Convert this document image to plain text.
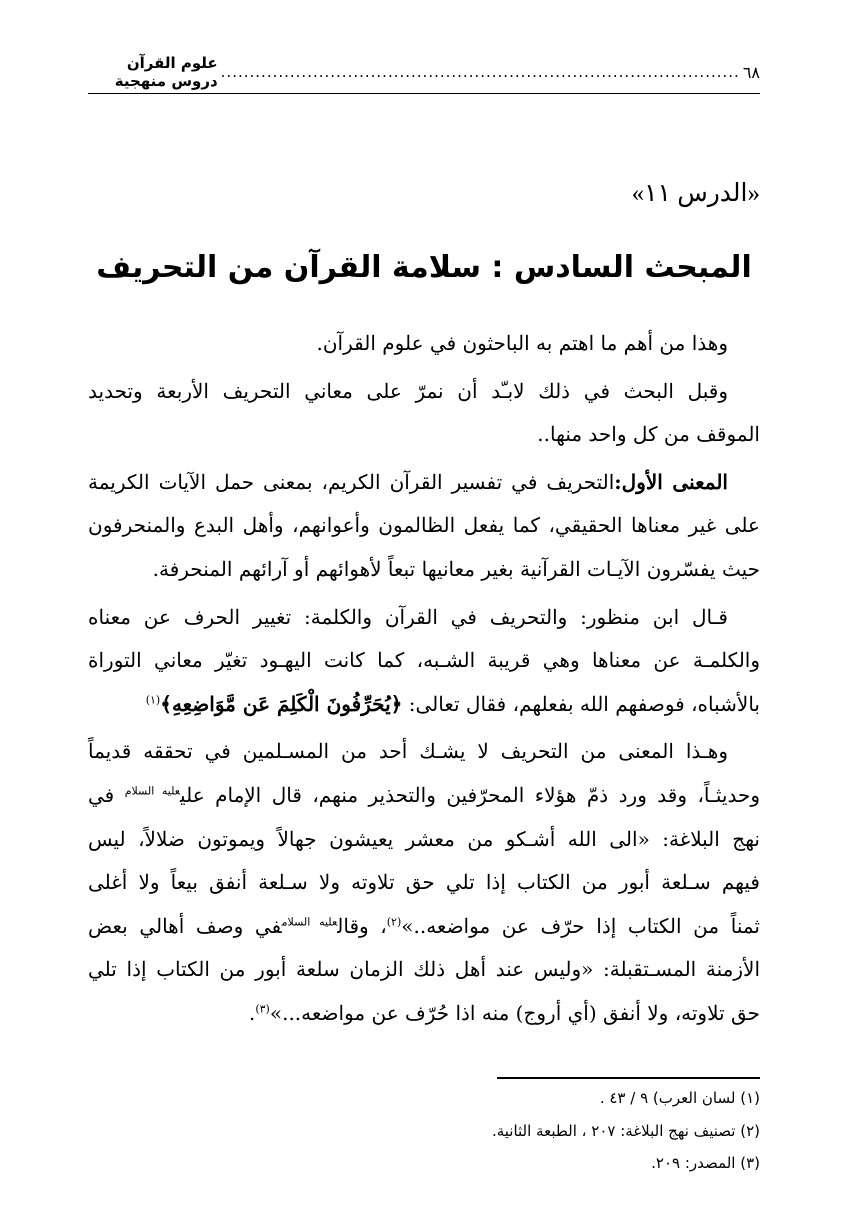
٦٨
..........................................................................................
علوم القرآن دروس منهجية
«الدرس ١١»
المبحث السادس : سلامة القرآن من التحريف
وهذا من أهم ما اهتم به الباحثون في علوم القرآن.
وقبل البحث في ذلك لابـّد أن نمرّ على معاني التحريف الأربعة وتحديد
الموقف من كل واحد منها..
المعنى الأول:التحريف في تفسير القرآن الكريم، بمعنى حمل الآيات الكريمة
على غير معناها الحقيقي، كما يفعل الظالمون وأعوانهم، وأهل البدع والمنحرفون
حيث يفسّرون الآيـات القرآنية بغير معانيها تبعاً لأهوائهم أو آرائهم المنحرفة.
قـال ابن منظور: والتحريف في القرآن والكلمة: تغيير الحرف عن معناه
والكلمـة عن معناها وهي قريبة الشـبه، كما كانت اليهـود تغيّر معاني التوراة
بالأشباه، فوصفهم الله بفعلهم، فقال تعالى: ﴿يُحَرِّفُونَ الْكَلِمَ عَن مَّوَاضِعِهِ﴾$^{(١)}$
وهـذا المعنى من التحريف لا يشـك أحد من المسـلمين في تحققه قديماً
وحديثـاً، وقد ورد ذمّ هؤلاء المحرّفين والتحذير منهم، قال الإمام علي$^{عليه السلام}$ في
نهج البلاغة: «الى الله أشـكو من معشر يعيشون جهالاً ويموتون ضلالاً، ليس
فيهم سـلعة أبور من الكتاب إذا تلي حق تلاوته ولا سـلعة أنفق بيعاً ولا أغلى
ثمناً من الكتاب إذا حرّف عن مواضعه..»$^{(٢)}$، وقال$^{عليه السلام}$في وصف أهالي بعض
الأزمنة المسـتقبلة: «وليس عند أهل ذلك الزمان سلعة أبور من الكتاب إذا تلي
حق تلاوته، ولا أنفق (أي أروج) منه اذا حُرّف عن مواضعه...»$^{(٣)}$.
(١) لسان العرب) ٩ / ٤٣ .
(٢) تصنيف نهج البلاغة: ٢٠٧ ، الطبعة الثانية.
(٣) المصدر: ٢٠٩.
